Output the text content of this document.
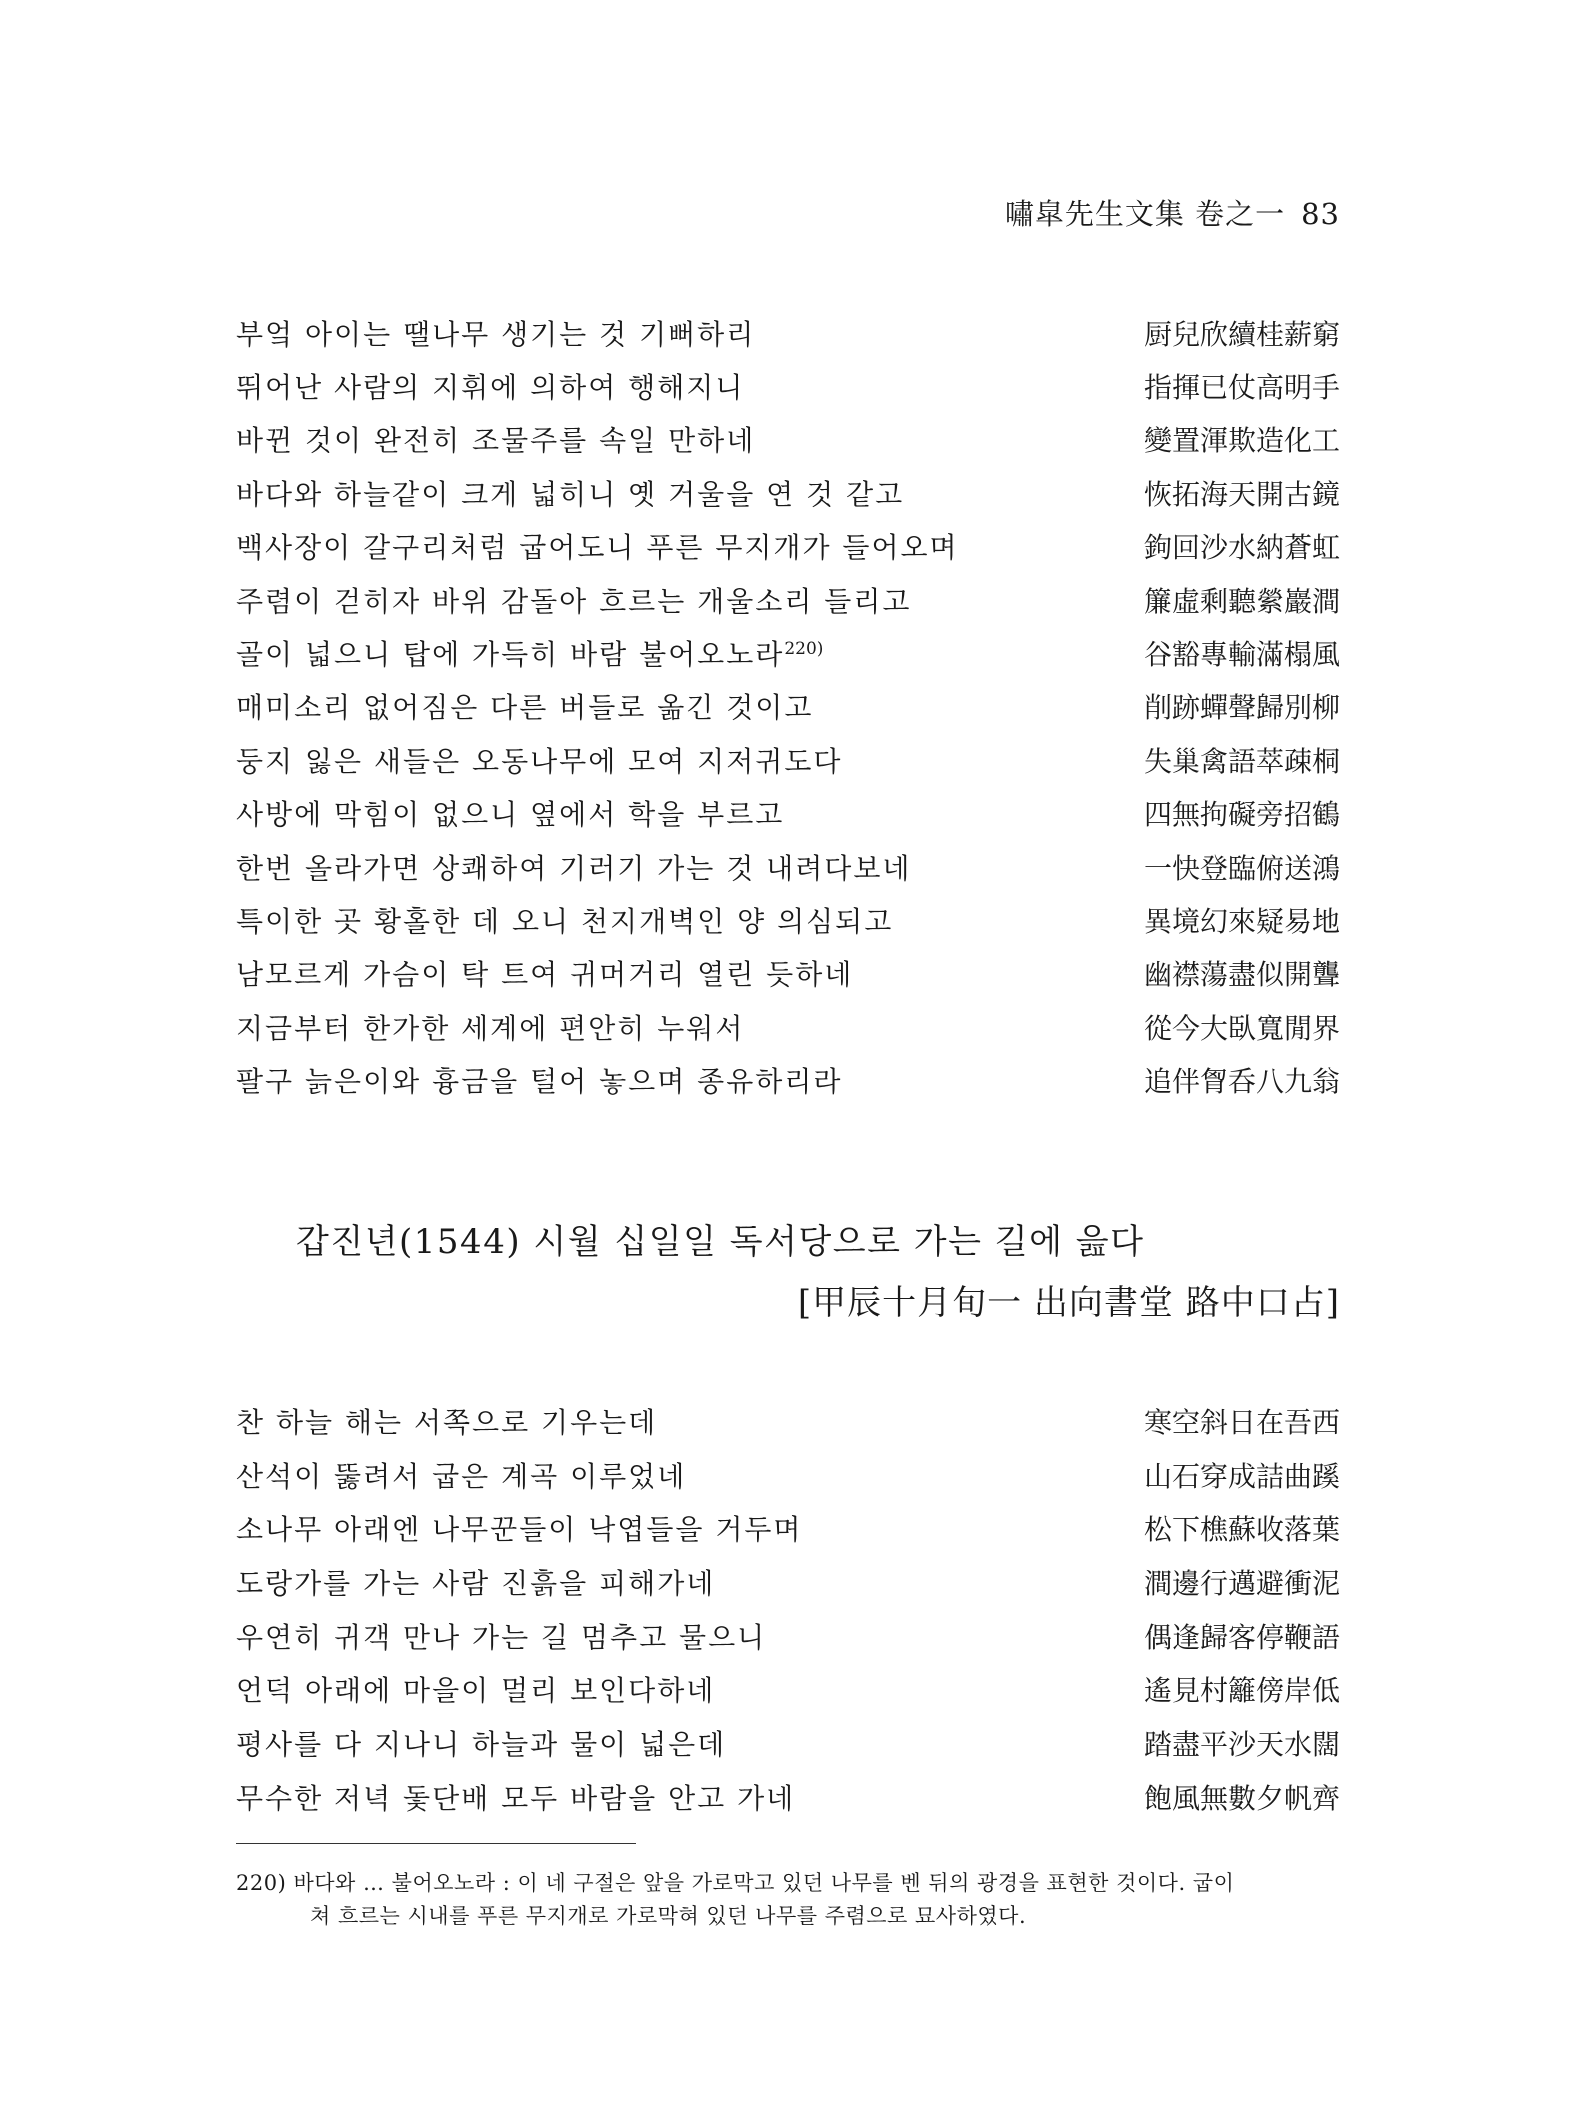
嘯皐先生文集 卷之一 83
부엌 아이는 땔나무 생기는 것 기뻐하리	厨兒欣續桂薪窮
뛰어난 사람의 지휘에 의하여 행해지니	指揮已仗高明手
바뀐 것이 완전히 조물주를 속일 만하네	變置渾欺造化工
바다와 하늘같이 크게 넓히니 옛 거울을 연 것 같고	恢拓海天開古鏡
백사장이 갈구리처럼 굽어도니 푸른 무지개가 들어오며	鉤回沙水納蒼虹
주렴이 걷히자 바위 감돌아 흐르는 개울소리 들리고	簾虛剩聽縈巖澗
골이 넓으니 탑에 가득히 바람 불어오노라$^{220)}$	谷豁專輸滿榻風
매미소리 없어짐은 다른 버들로 옮긴 것이고	削跡蟬聲歸別柳
둥지 잃은 새들은 오동나무에 모여 지저귀도다	失巢禽語萃疎桐
사방에 막힘이 없으니 옆에서 학을 부르고	四無拘礙旁招鶴
한번 올라가면 상쾌하여 기러기 가는 것 내려다보네	一快登臨俯送鴻
특이한 곳 황홀한 데 오니 천지개벽인 양 의심되고	異境幻來疑易地
남모르게 가슴이 탁 트여 귀머거리 열린 듯하네	幽襟蕩盡似開聾
지금부터 한가한 세계에 편안히 누워서	從今大臥寬閒界
팔구 늙은이와 흉금을 털어 놓으며 종유하리라	追伴胷呑八九翁
갑진년(1544) 시월 십일일 독서당으로 가는 길에 읊다
[甲辰十月旬一 出向書堂 路中口占]
찬 하늘 해는 서쪽으로 기우는데	寒空斜日在吾西
산석이 뚫려서 굽은 계곡 이루었네	山石穿成詰曲蹊
소나무 아래엔 나무꾼들이 낙엽들을 거두며	松下樵蘇收落葉
도랑가를 가는 사람 진흙을 피해가네	澗邊行邁避衝泥
우연히 귀객 만나 가는 길 멈추고 물으니	偶逢歸客停鞭語
언덕 아래에 마을이 멀리 보인다하네	遙見村籬傍岸低
평사를 다 지나니 하늘과 물이 넓은데	踏盡平沙天水闊
무수한 저녁 돛단배 모두 바람을 안고 가네	飽風無數夕帆齊
220) 바다와 … 불어오노라 : 이 네 구절은 앞을 가로막고 있던 나무를 벤 뒤의 광경을 표현한 것이다. 굽이
쳐 흐르는 시내를 푸른 무지개로 가로막혀 있던 나무를 주렴으로 묘사하였다.
